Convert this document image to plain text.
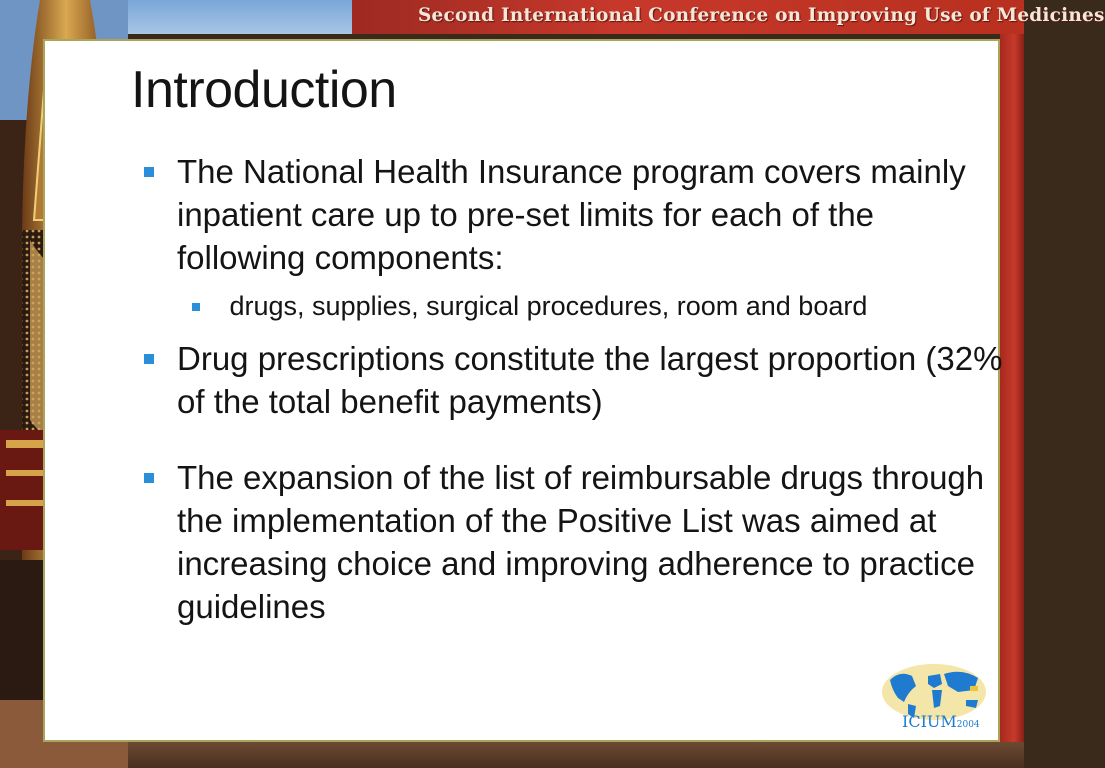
Second International Conference on Improving Use of Medicines
Introduction
The National Health Insurance program covers mainly inpatient care up to pre-set limits for each of the following components:
drugs, supplies, surgical procedures, room and board
Drug prescriptions constitute the largest proportion (32% of the total benefit payments)
The expansion of the list of reimbursable drugs through the implementation of the Positive List was aimed at increasing choice and improving adherence to practice guidelines
ICIUM2004
